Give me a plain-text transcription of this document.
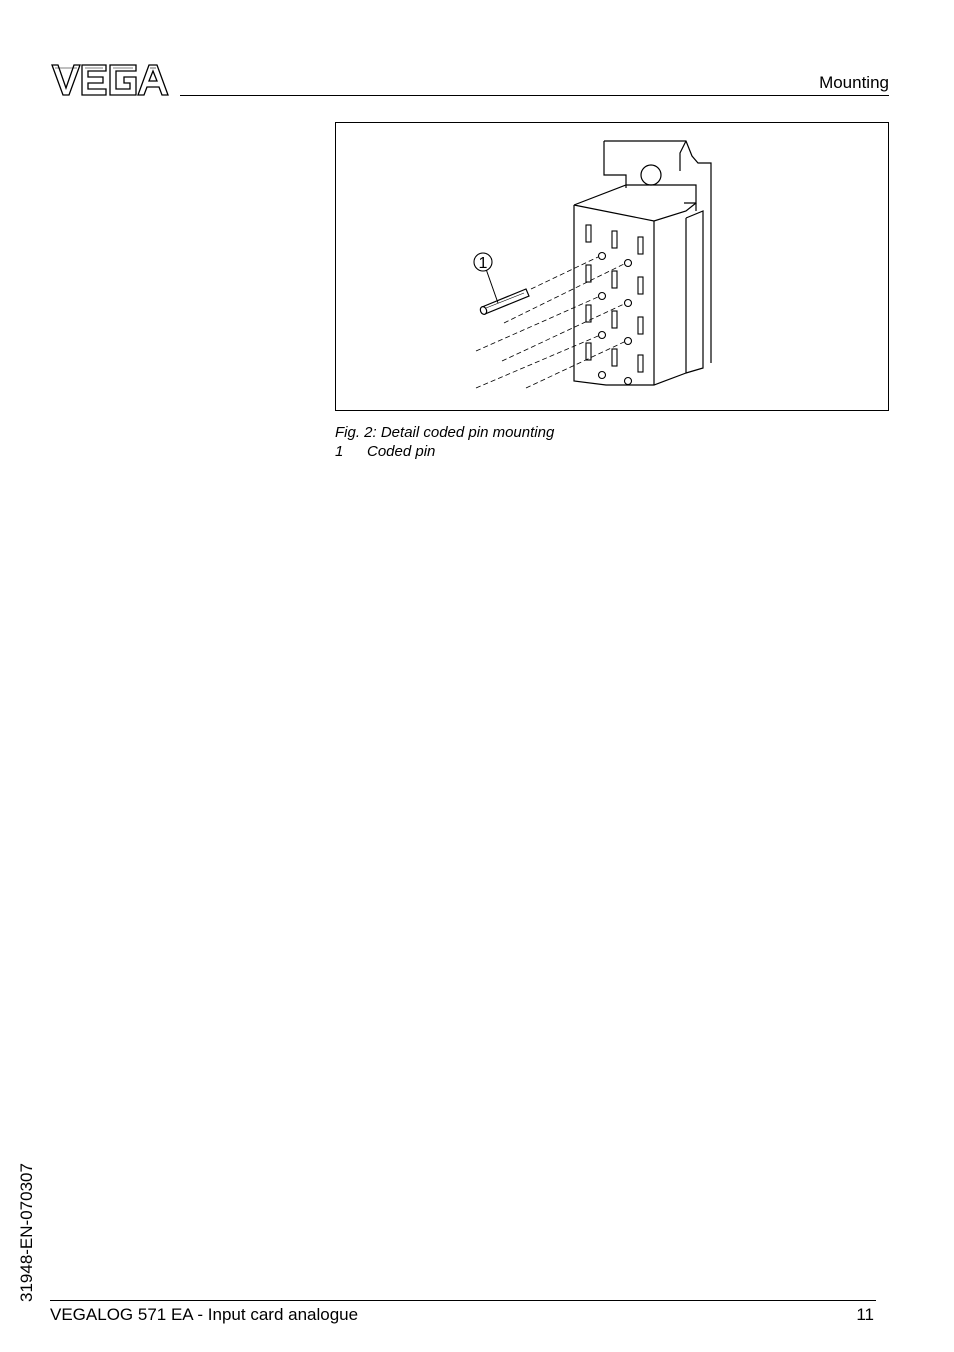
Mounting
1
Fig. 2: Detail coded pin mounting
1 Coded pin
31948-EN-070307
VEGALOG 571 EA - Input card analogue	11
